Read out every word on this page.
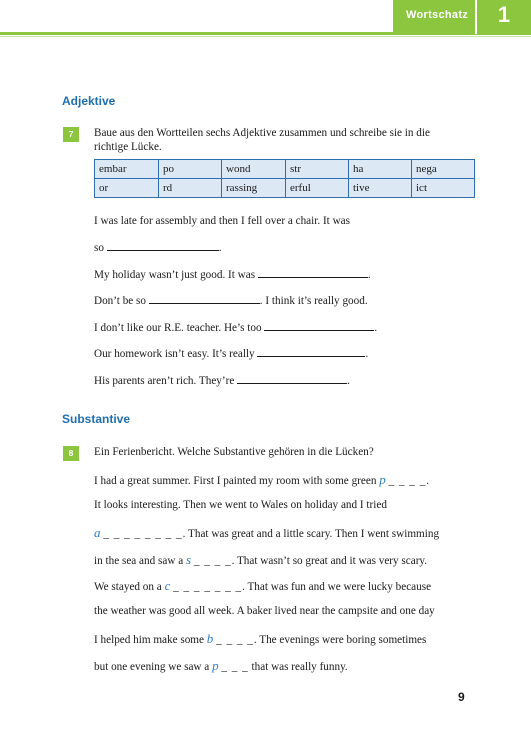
Wortschatz	1
Adjektive
7	Baue aus den Wortteilen sechs Adjektive zusammen und schreibe sie in die
richtige Lücke.
embar	po	wond	str	ha	nega
or	rd	rassing	erful	tive	ict
I was late for assembly and then I fell over a chair. It was
so	.
My holiday wasn’t just good. It was	.
Don’t be so	. I think it’s really good.
I don’t like our R.E. teacher. He’s too	.
Our homework isn’t easy. It’s really	.
His parents aren’t rich. They’re	.
Substantive
8	Ein Ferienbericht. Welche Substantive gehören in die Lücken?
I had a great summer. First I painted my room with some green p _ _ _ _.
It looks interesting. Then we went to Wales on holiday and I tried
a _ _ _ _ _ _ _ _. That was great and a little scary. Then I went swimming
in the sea and saw a s _ _ _ _. That wasn’t so great and it was very scary.
We stayed on a c _ _ _ _ _ _ _. That was fun and we were lucky because
the weather was good all week. A baker lived near the campsite and one day
I helped him make some b _ _ _ _. The evenings were boring sometimes
but one evening we saw a p _ _ _ that was really funny.
9
